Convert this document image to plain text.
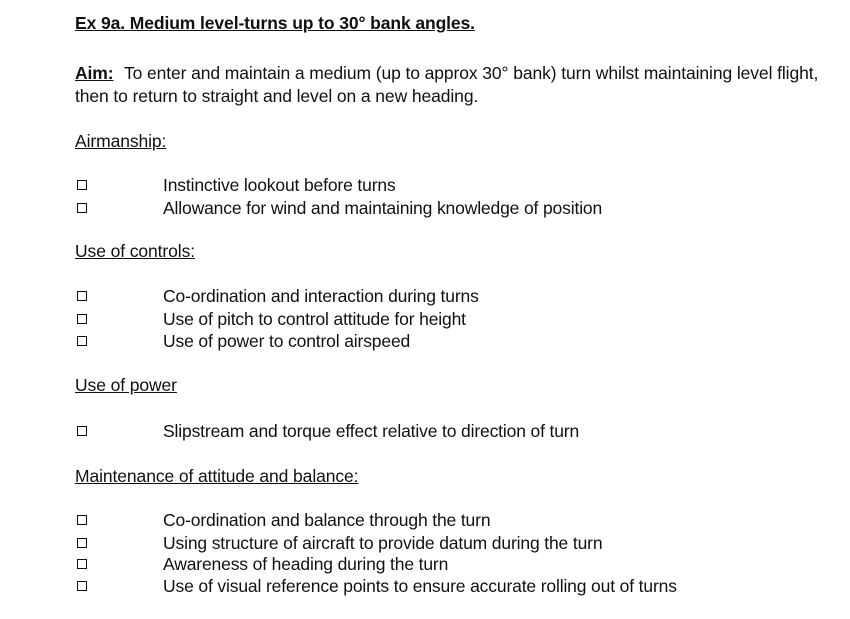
Ex 9a. Medium level-turns up to 30° bank angles.
Aim: To enter and maintain a medium (up to approx 30° bank) turn whilst maintaining level flight, then to return to straight and level on a new heading.
Airmanship:
Instinctive lookout before turns
Allowance for wind and maintaining knowledge of position
Use of controls:
Co-ordination and interaction during turns
Use of pitch to control attitude for height
Use of power to control airspeed
Use of power
Slipstream and torque effect relative to direction of turn
Maintenance of attitude and balance:
Co-ordination and balance through the turn
Using structure of aircraft to provide datum during the turn
Awareness of heading during the turn
Use of visual reference points to ensure accurate rolling out of turns
